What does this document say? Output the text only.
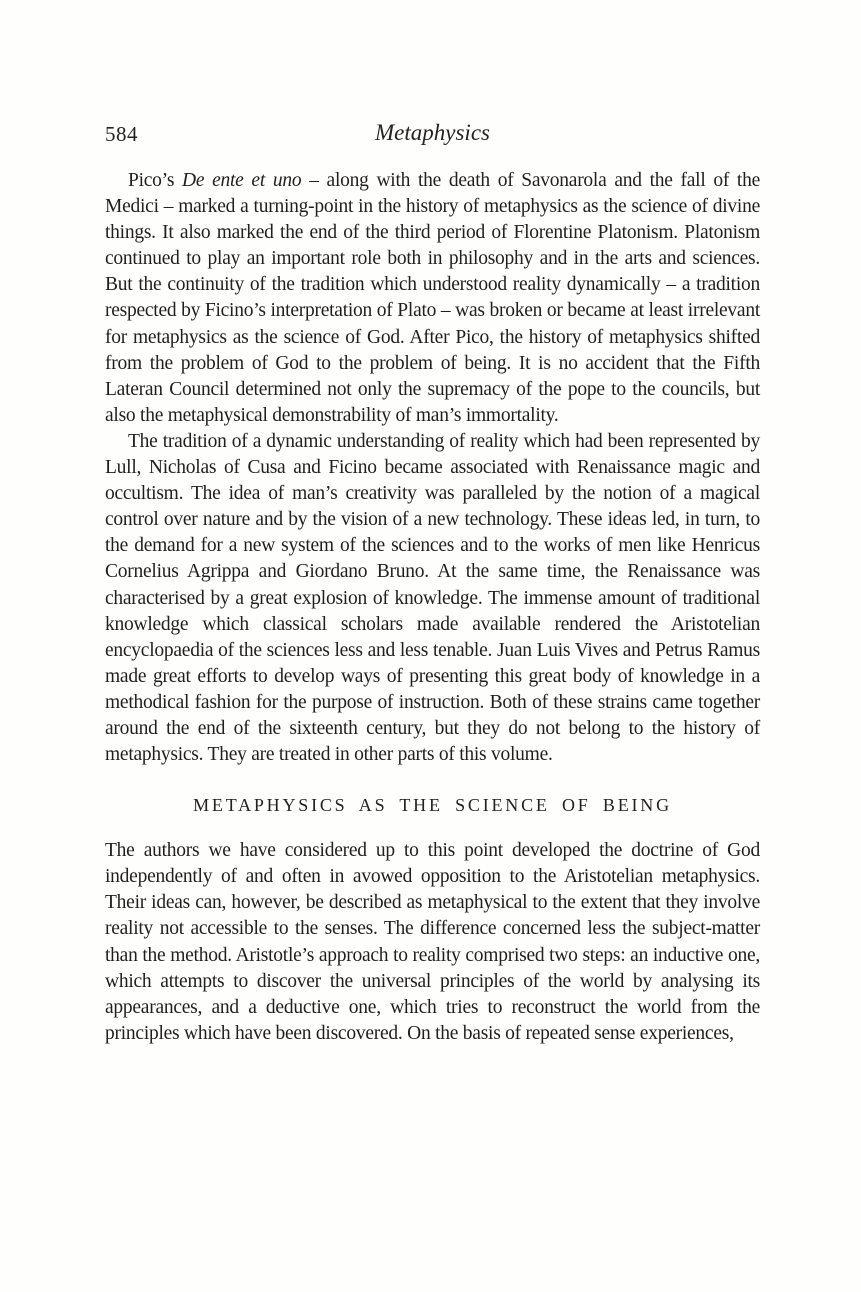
584	Metaphysics

Pico’s De ente et uno – along with the death of Savonarola and the fall of the Medici – marked a turning-point in the history of metaphysics as the science of divine things. It also marked the end of the third period of Florentine Platonism. Platonism continued to play an important role both in philosophy and in the arts and sciences. But the continuity of the tradition which understood reality dynamically – a tradition respected by Ficino’s interpretation of Plato – was broken or became at least irrelevant for metaphysics as the science of God. After Pico, the history of metaphysics shifted from the problem of God to the problem of being. It is no accident that the Fifth Lateran Council determined not only the supremacy of the pope to the councils, but also the metaphysical demonstrability of man’s immortality.

The tradition of a dynamic understanding of reality which had been represented by Lull, Nicholas of Cusa and Ficino became associated with Renaissance magic and occultism. The idea of man’s creativity was paralleled by the notion of a magical control over nature and by the vision of a new technology. These ideas led, in turn, to the demand for a new system of the sciences and to the works of men like Henricus Cornelius Agrippa and Giordano Bruno. At the same time, the Renaissance was characterised by a great explosion of knowledge. The immense amount of traditional knowledge which classical scholars made available rendered the Aristotelian encyclopaedia of the sciences less and less tenable. Juan Luis Vives and Petrus Ramus made great efforts to develop ways of presenting this great body of knowledge in a methodical fashion for the purpose of instruction. Both of these strains came together around the end of the sixteenth century, but they do not belong to the history of metaphysics. They are treated in other parts of this volume.

METAPHYSICS AS THE SCIENCE OF BEING

The authors we have considered up to this point developed the doctrine of God independently of and often in avowed opposition to the Aristotelian metaphysics. Their ideas can, however, be described as metaphysical to the extent that they involve reality not accessible to the senses. The difference concerned less the subject-matter than the method. Aristotle’s approach to reality comprised two steps: an inductive one, which attempts to discover the universal principles of the world by analysing its appearances, and a deductive one, which tries to reconstruct the world from the principles which have been discovered. On the basis of repeated sense experiences,
